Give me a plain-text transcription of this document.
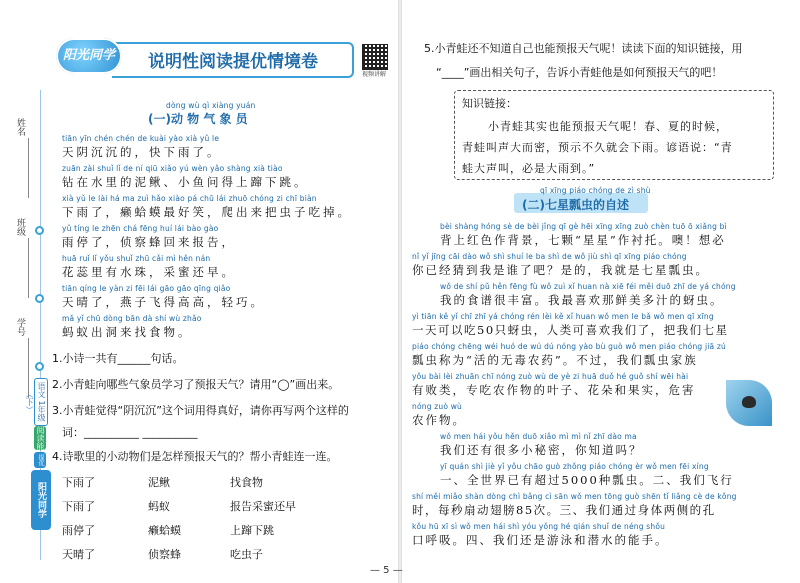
姓名
班级
学号
语文 1年级（下）
阅读能
提优训练
阳光同学
阳光同学	说明性阅读提优情境卷
视频讲解
dòng wù qì xiàng yuán
(一)动 物 气 象 员
tiān yīn chén chén de kuài yào xià yǔ le
天阴沉沉的，快下雨了。
zuān zài shuǐ lǐ de ní qiū xiǎo yú wèn yǎo shàng xià tiào
钻在水里的泥鳅、小鱼问得上蹿下跳。
xià yǔ le lài há ma zuì hǎo xiào pá chū lái zhuō chóng zi chī biàn
下雨了，癞蛤蟆最好笑，爬出来把虫子吃掉。
yǔ tíng le zhēn chá fēng huí lái bào gào
雨停了，侦察蜂回来报告，
huā ruǐ lǐ yǒu shuǐ zhū cǎi mì hěn nán
花蕊里有水珠，采蜜还早。
tiān qíng le yàn zi fēi lái gāo gāo qīng qiǎo
天晴了，燕子飞得高高，轻巧。
mǎ yǐ chū dòng bān dà shí wù zhǎo
蚂蚁出洞来找食物。
1.小诗一共有______句话。
2.小青蛙向哪些气象员学习了预报天气？请用“◯”画出来。
3.小青蛙觉得“阴沉沉”这个词用得真好，请你再写两个这样的
词：__________ __________
4.诗歌里的小动物们是怎样预报天气的？帮小青蛙连一连。
下雨了
下雨了
雨停了
天晴了
泥鳅
蚂蚁
癞蛤蟆
侦察蜂
找食物
报告采蜜还早
上蹿下跳
吃虫子
5.小青蛙还不知道自己也能预报天气呢！读读下面的知识链接，用
“____”画出相关句子，告诉小青蛙他是如何预报天气的吧！
知识链接：
小青蛙其实也能预报天气呢！春、夏的时候，
青蛙叫声大而密，预示不久就会下雨。谚语说：“青
蛙大声叫，必是大雨到。”
qī xīng piáo chóng de zì shù
(二)七星瓢虫的自述
bèi shàng hóng sè de bèi jǐng qī gè hēi xīng xīng zuò chèn tuō ō xiǎng bì
背上红色作背景，七颗“星星”作衬托。噢！想必
nǐ yǐ jīng cāi dào wǒ shì shuí le ba shì de wǒ jiù shì qī xīng piáo chóng
你已经猜到我是谁了吧？是的，我就是七星瓢虫。
wǒ de shí pǔ hěn fēng fù wǒ zuì xǐ huan nà xiē féi měi duō zhī de yá chóng
我的食谱很丰富。我最喜欢那鲜美多汁的蚜虫。
yì tiān kě yǐ chī zhī yá chóng rén lèi kě xǐ huan wǒ men le bǎ wǒ men qī xīng
一天可以吃50只蚜虫，人类可喜欢我们了，把我们七星
piáo chóng chēng wéi huó de wú dú nóng yào bù guò wǒ men piáo chóng jiā zú
瓢虫称为“活的无毒农药”。不过，我们瓢虫家族
yǒu bài lèi zhuān chī nóng zuò wù de yè zi huā duǒ hé guǒ shí wēi hài
有败类，专吃农作物的叶子、花朵和果实，危害
nóng zuò wù
农作物。
wǒ men hái yǒu hěn duō xiǎo mì mì nǐ zhī dào ma
我们还有很多小秘密，你知道吗？
yī quán shì jiè yǐ yǒu chāo guò zhǒng piáo chóng èr wǒ men fēi xíng
一、全世界已有超过5000种瓢虫。二、我们飞行
shí měi miǎo shàn dòng chì bǎng cì sān wǒ men tōng guò shēn tǐ liǎng cè de kǒng
时，每秒扇动翅膀85次。三、我们通过身体两侧的孔
kǒu hū xī sì wǒ men hái shì yóu yǒng hé qián shuǐ de néng shǒu
口呼吸。四、我们还是游泳和潜水的能手。
— 5 —
